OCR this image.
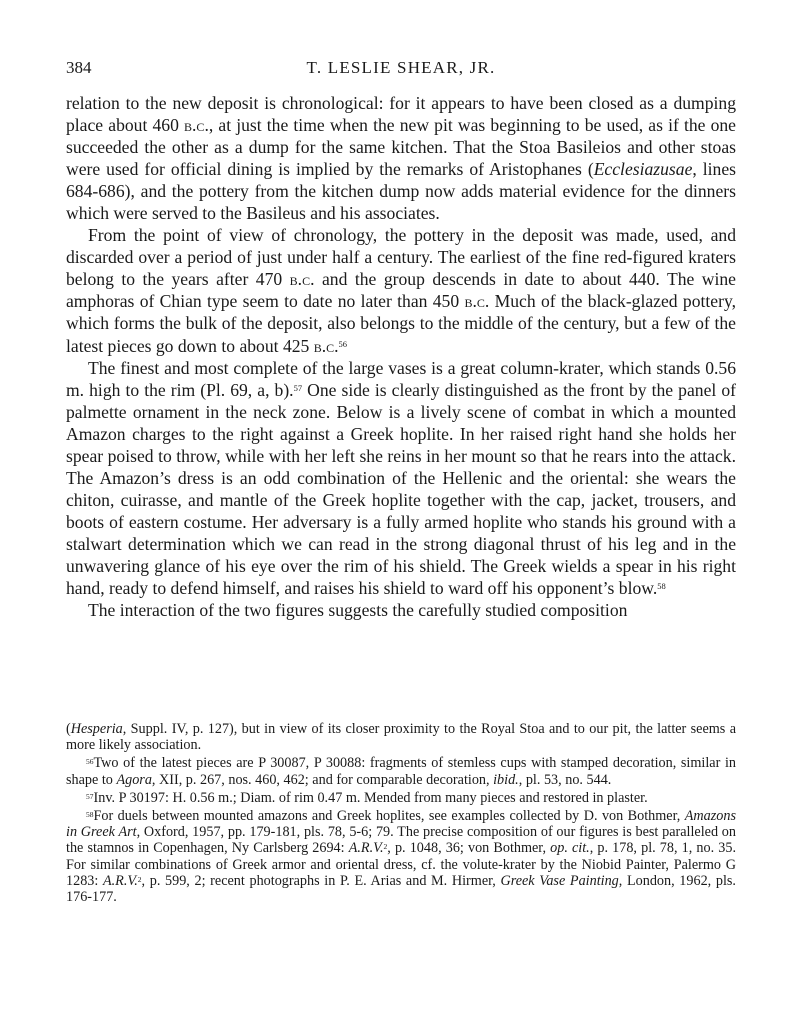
384	T. LESLIE SHEAR, JR.

relation to the new deposit is chronological: for it appears to have been closed as a dumping place about 460 b.c., at just the time when the new pit was beginning to be used, as if the one succeeded the other as a dump for the same kitchen. That the Stoa Basileios and other stoas were used for official dining is implied by the remarks of Aristophanes (Ecclesiazusae, lines 684-686), and the pottery from the kitchen dump now adds material evidence for the dinners which were served to the Basileus and his associates.

From the point of view of chronology, the pottery in the deposit was made, used, and discarded over a period of just under half a century. The earliest of the fine red-figured kraters belong to the years after 470 b.c. and the group descends in date to about 440. The wine amphoras of Chian type seem to date no later than 450 b.c. Much of the black-glazed pottery, which forms the bulk of the deposit, also belongs to the middle of the century, but a few of the latest pieces go down to about 425 b.c.$^{56}$

The finest and most complete of the large vases is a great column-krater, which stands 0.56 m. high to the rim (Pl. 69, a, b).$^{57}$ One side is clearly distinguished as the front by the panel of palmette ornament in the neck zone. Below is a lively scene of combat in which a mounted Amazon charges to the right against a Greek hoplite. In her raised right hand she holds her spear poised to throw, while with her left she reins in her mount so that he rears into the attack. The Amazon’s dress is an odd combination of the Hellenic and the oriental: she wears the chiton, cuirasse, and mantle of the Greek hoplite together with the cap, jacket, trousers, and boots of eastern costume. Her adversary is a fully armed hoplite who stands his ground with a stalwart determination which we can read in the strong diagonal thrust of his leg and in the unwavering glance of his eye over the rim of his shield. The Greek wields a spear in his right hand, ready to defend himself, and raises his shield to ward off his opponent’s blow.$^{58}$

The interaction of the two figures suggests the carefully studied composition

(Hesperia, Suppl. IV, p. 127), but in view of its closer proximity to the Royal Stoa and to our pit, the latter seems a more likely association.

$^{56}$Two of the latest pieces are P 30087, P 30088: fragments of stemless cups with stamped decoration, similar in shape to Agora, XII, p. 267, nos. 460, 462; and for comparable decoration, ibid., pl. 53, no. 544.

$^{57}$Inv. P 30197: H. 0.56 m.; Diam. of rim 0.47 m. Mended from many pieces and restored in plaster.

$^{58}$For duels between mounted amazons and Greek hoplites, see examples collected by D. von Bothmer, Amazons in Greek Art, Oxford, 1957, pp. 179-181, pls. 78, 5-6; 79. The precise composition of our figures is best paralleled on the stamnos in Copenhagen, Ny Carlsberg 2694: A.R.V.$^2$, p. 1048, 36; von Bothmer, op. cit., p. 178, pl. 78, 1, no. 35. For similar combinations of Greek armor and oriental dress, cf. the volute-krater by the Niobid Painter, Palermo G 1283: A.R.V.$^2$, p. 599, 2; recent photographs in P. E. Arias and M. Hirmer, Greek Vase Painting, London, 1962, pls. 176-177.
